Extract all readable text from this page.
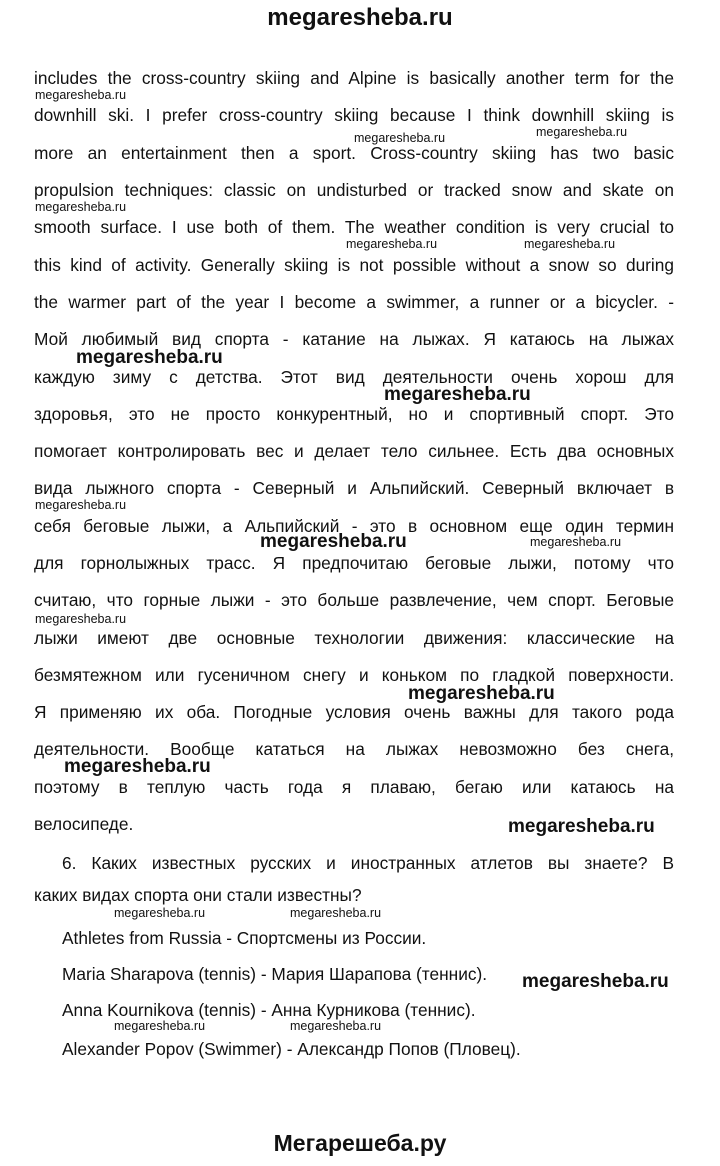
megaresheba.ru
includes the cross-country skiing and Alpine is basically another term for the
downhill ski. I prefer cross-country skiing because I think downhill skiing is
more an entertainment then a sport. Cross-country skiing has two basic
propulsion techniques: classic on undisturbed or tracked snow and skate on
smooth surface. I use both of them. The weather condition is very crucial to
this kind of activity. Generally skiing is not possible without a snow so during
the warmer part of the year I become a swimmer, a runner or a bicycler. -
Мой любимый вид спорта - катание на лыжах. Я катаюсь на лыжах
каждую зиму с детства. Этот вид деятельности очень хорош для
здоровья, это не просто конкурентный, но и спортивный спорт. Это
помогает контролировать вес и делает тело сильнее. Есть два основных
вида лыжного спорта - Северный и Альпийский. Северный включает в
себя беговые лыжи, а Альпийский - это в основном еще один термин
для горнолыжных трасс. Я предпочитаю беговые лыжи, потому что
считаю, что горные лыжи - это больше развлечение, чем спорт. Беговые
лыжи имеют две основные технологии движения: классические на
безмятежном или гусеничном снегу и коньком по гладкой поверхности.
Я применяю их оба. Погодные условия очень важны для такого рода
деятельности. Вообще кататься на лыжах невозможно без снега,
поэтому в теплую часть года я плаваю, бегаю или катаюсь на
велосипеде.
6. Каких известных русских и иностранных атлетов вы знаете? В
каких видах спорта они стали известны?
Athletes from Russia - Спортсмены из России.
Maria Sharapova (tennis) - Мария Шарапова (теннис).
Anna Kournikova (tennis) - Анна Курникова (теннис).
Alexander Popov (Swimmer) - Александр Попов (Пловец).
megaresheba.ru
megaresheba.ru	megaresheba.ru
megaresheba.ru
megaresheba.ru	megaresheba.ru
megaresheba.ru
megaresheba.ru
megaresheba.ru
megaresheba.ru	megaresheba.ru
megaresheba.ru	megaresheba.ru
megaresheba.ru
megaresheba.ru
megaresheba.ru
megaresheba.ru
megaresheba.ru
megaresheba.ru
megaresheba.ru
Мегарешеба.ру
